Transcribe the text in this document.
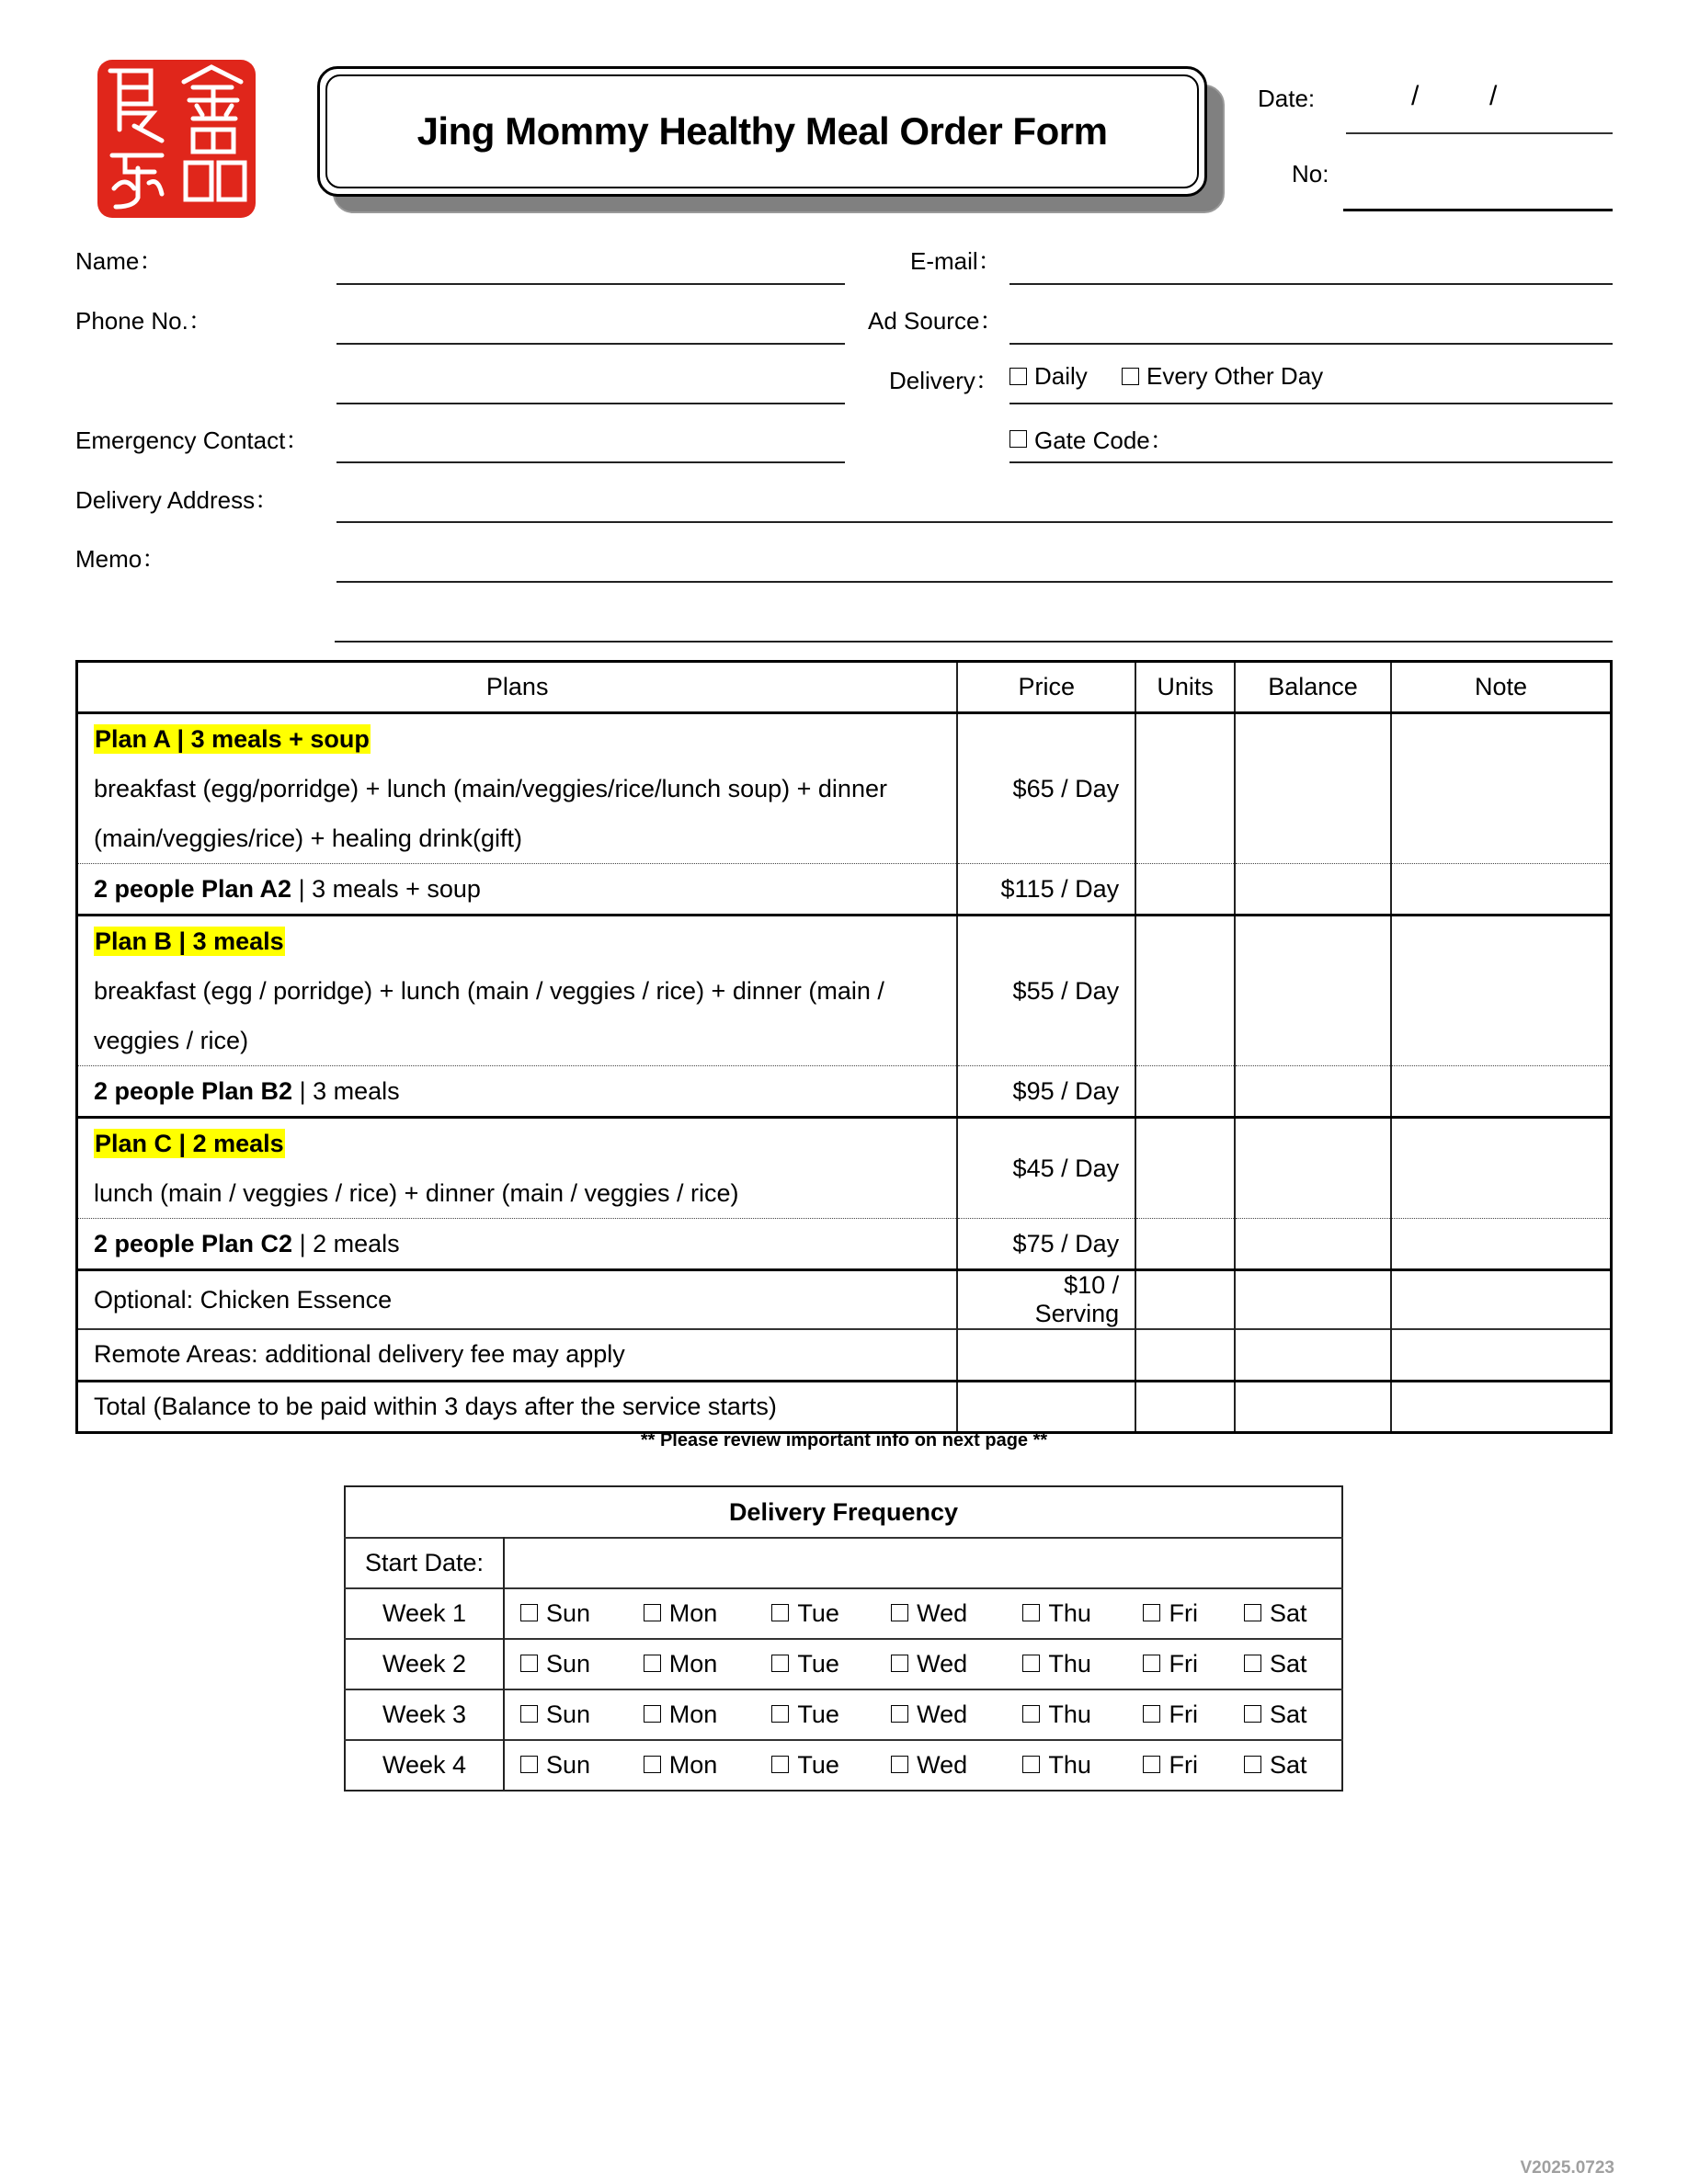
Jing Mommy Healthy Meal Order Form
Date:	/	/
No:
Name：	E-mail：
Phone No.：	Ad Source：
Delivery： Daily Every Other Day
Emergency Contact：	Gate Code：
Delivery Address：
Memo：
Plans	Price	Units	Balance	Note

Plan A | 3 meals + soup
breakfast (egg/porridge) + lunch (main/veggies/rice/lunch soup) + dinner
(main/veggies/rice) + healing drink(gift)	$65 / Day			
2 people Plan A2 | 3 meals + soup	$115 / Day			

Plan B | 3 meals
breakfast (egg / porridge) + lunch (main / veggies / rice) + dinner (main /
veggies / rice)	$55 / Day			
2 people Plan B2 | 3 meals	$95 / Day			

Plan C | 2 meals
lunch (main / veggies / rice) + dinner (main / veggies / rice)	$45 / Day			
2 people Plan C2 | 2 meals	$75 / Day			
Optional: Chicken Essence	$10 / Serving			
Remote Areas: additional delivery fee may apply				
Total (Balance to be paid within 3 days after the service starts)				
** Please review important info on next page **
Delivery Frequency							
Start Date:							
Week 1	Sun	Mon	Tue	Wed	Thu	Fri	Sat
Week 2	Sun	Mon	Tue	Wed	Thu	Fri	Sat
Week 3	Sun	Mon	Tue	Wed	Thu	Fri	Sat
Week 4	Sun	Mon	Tue	Wed	Thu	Fri	Sat
V2025.0723
